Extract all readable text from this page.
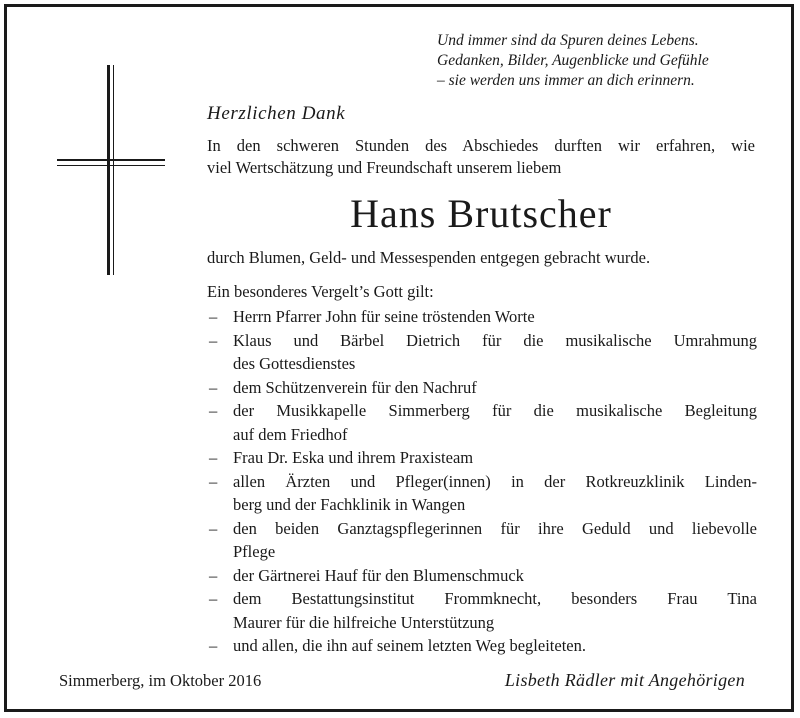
Und immer sind da Spuren deines Lebens.
Gedanken, Bilder, Augenblicke und Gefühle
– sie werden uns immer an dich erinnern.
Herzlichen Dank
In den schweren Stunden des Abschiedes durften wir erfahren, wie
viel Wertschätzung und Freundschaft unserem liebem
Hans Brutscher
durch Blumen, Geld- und Messespenden entgegen gebracht wurde.
Ein besonderes Vergelt’s Gott gilt:
– Herrn Pfarrer John für seine tröstenden Worte
– Klaus und Bärbel Dietrich für die musikalische Umrahmung
des Gottesdienstes
– dem Schützenverein für den Nachruf
– der Musikkapelle Simmerberg für die musikalische Begleitung
auf dem Friedhof
– Frau Dr. Eska und ihrem Praxisteam
– allen Ärzten und Pfleger(innen) in der Rotkreuzklinik Linden-
berg und der Fachklinik in Wangen
– den beiden Ganztagspflegerinnen für ihre Geduld und liebevolle
Pflege
– der Gärtnerei Hauf für den Blumenschmuck
– dem Bestattungsinstitut Frommknecht, besonders Frau Tina
Maurer für die hilfreiche Unterstützung
– und allen, die ihn auf seinem letzten Weg begleiteten.
Simmerberg, im Oktober 2016	Lisbeth Rädler mit Angehörigen
